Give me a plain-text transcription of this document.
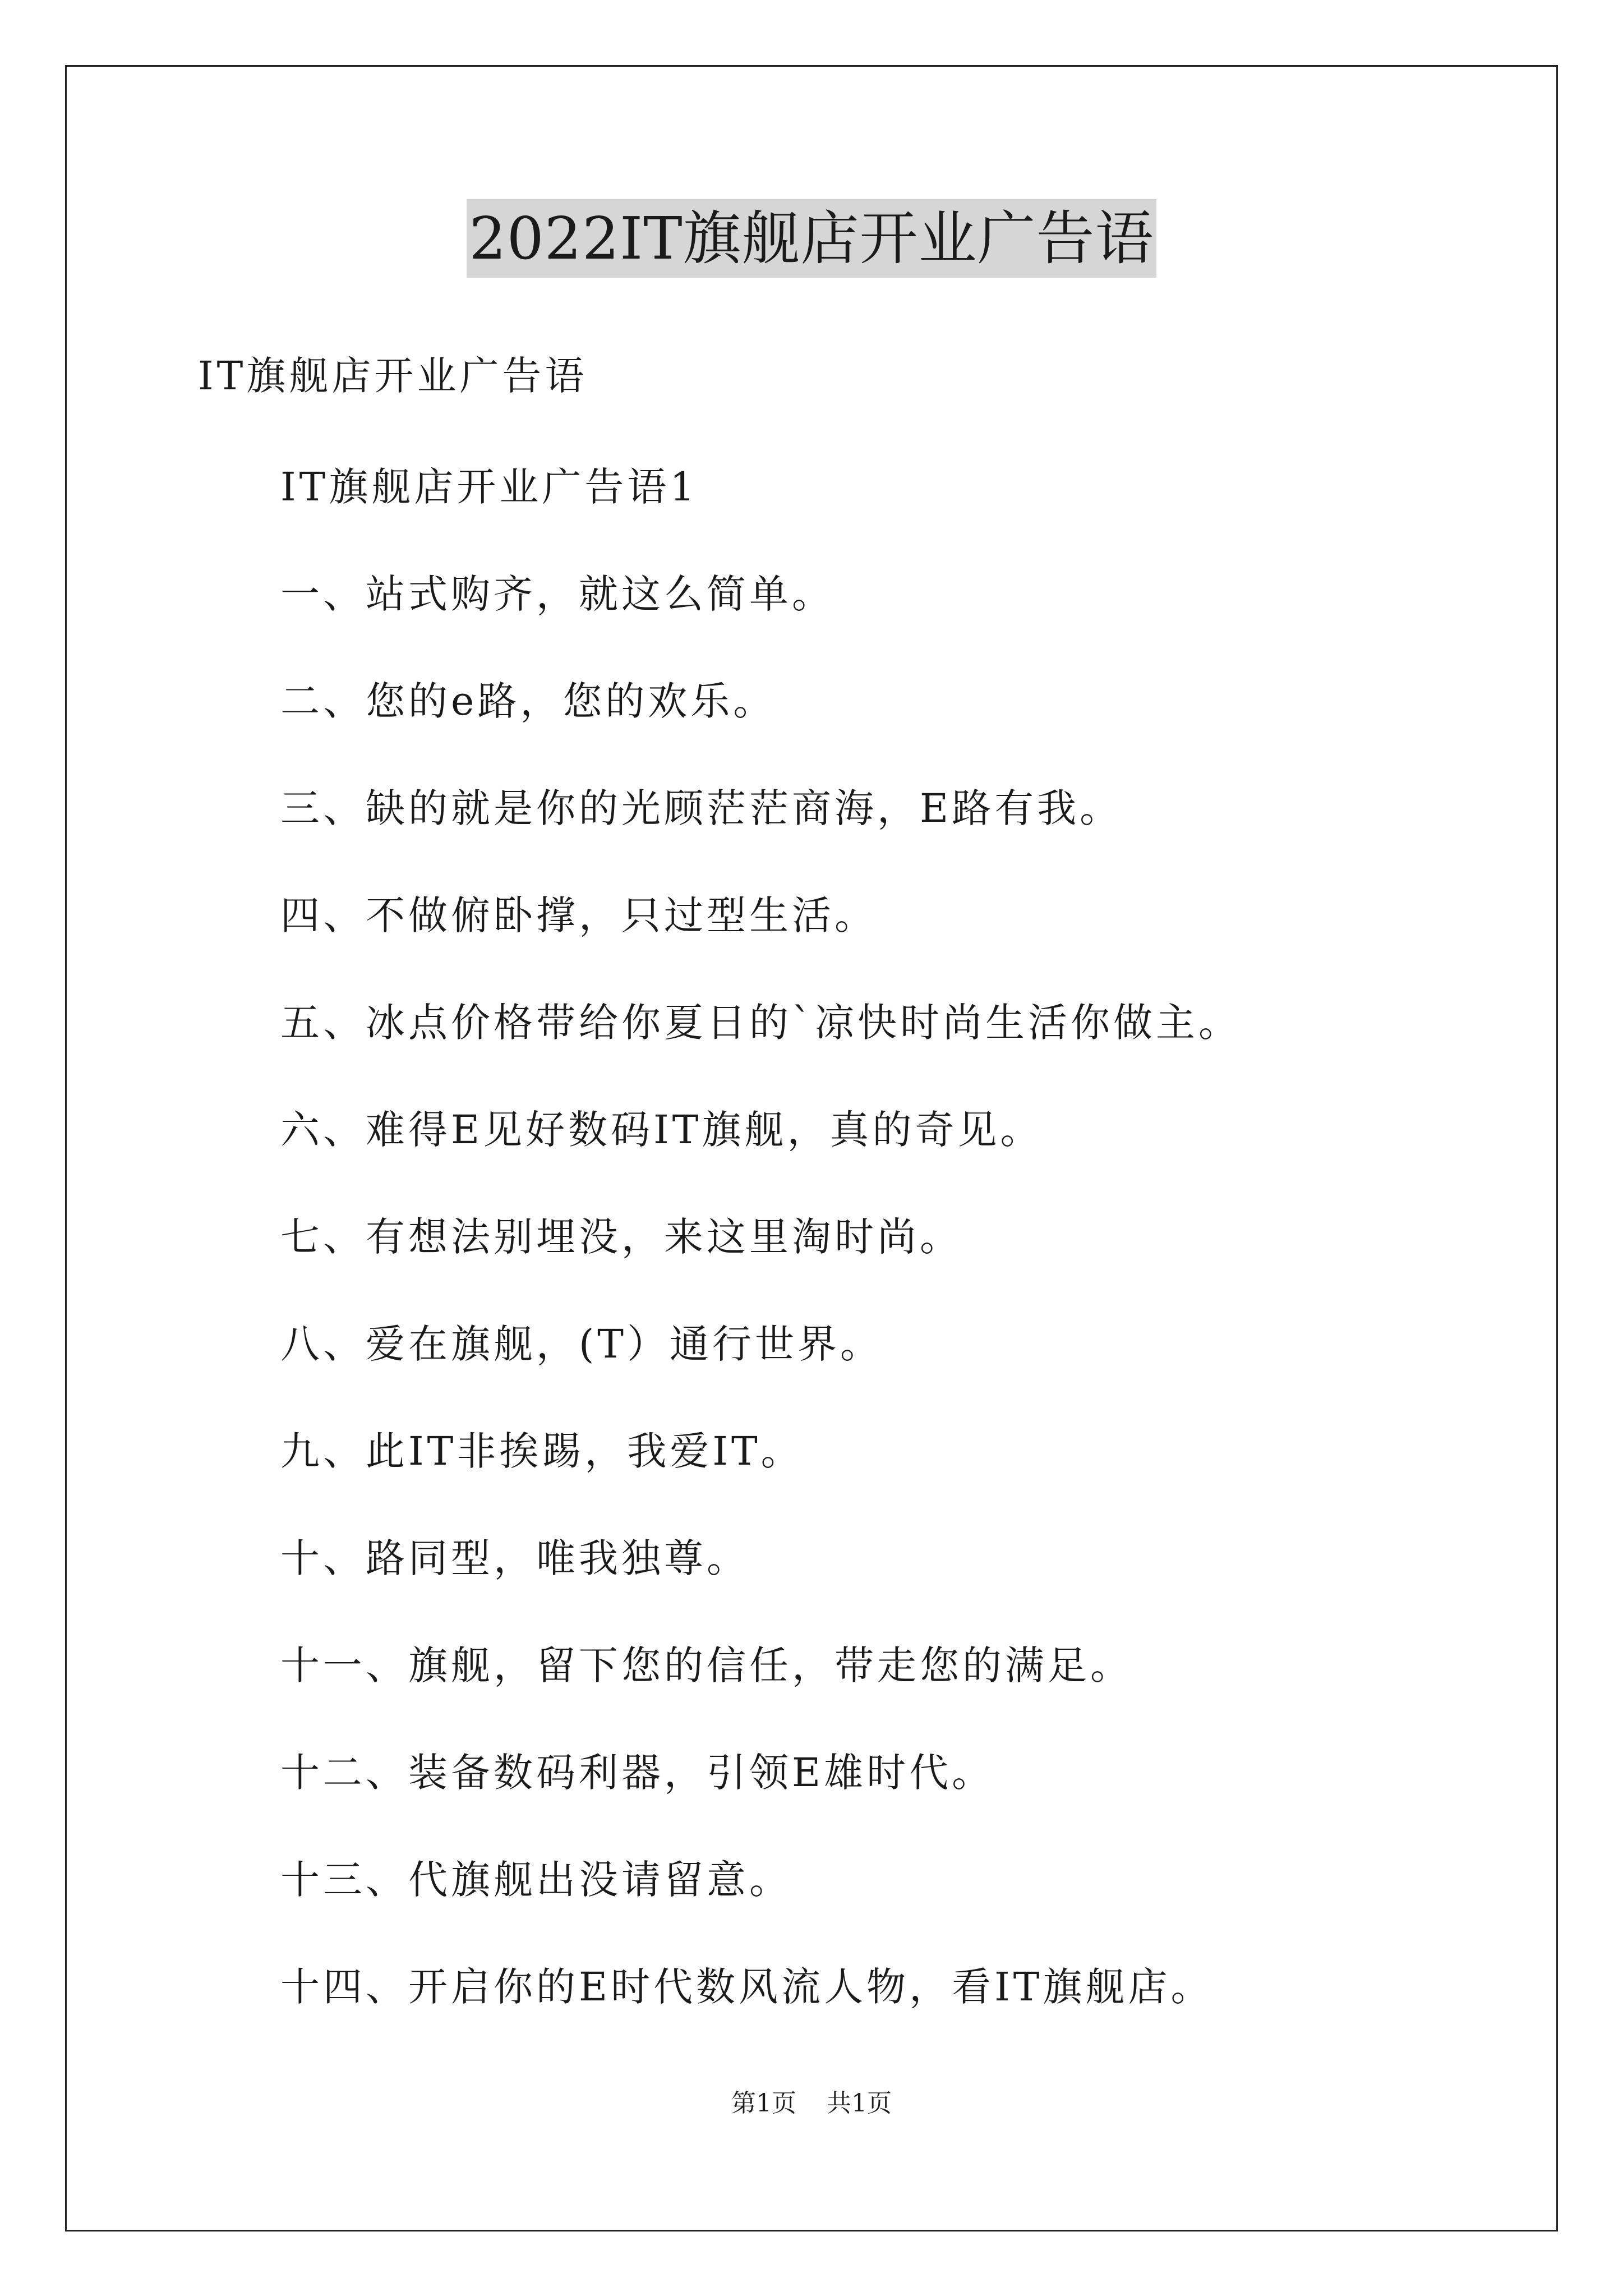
2022IT旗舰店开业广告语
IT旗舰店开业广告语
IT旗舰店开业广告语1
一、站式购齐，就这么简单。
二、您的e路，您的欢乐。
三、缺的就是你的光顾茫茫商海，E路有我。
四、不做俯卧撑，只过型生活。
五、冰点价格带给你夏日的`凉快时尚生活你做主。
六、难得E见好数码IT旗舰，真的奇见。
七、有想法别埋没，来这里淘时尚。
八、爱在旗舰，(T）通行世界。
九、此IT非挨踢，我爱IT。
十、路同型，唯我独尊。
十一、旗舰，留下您的信任，带走您的满足。
十二、装备数码利器，引领E雄时代。
十三、代旗舰出没请留意。
十四、开启你的E时代数风流人物，看IT旗舰店。
第1页 共1页
